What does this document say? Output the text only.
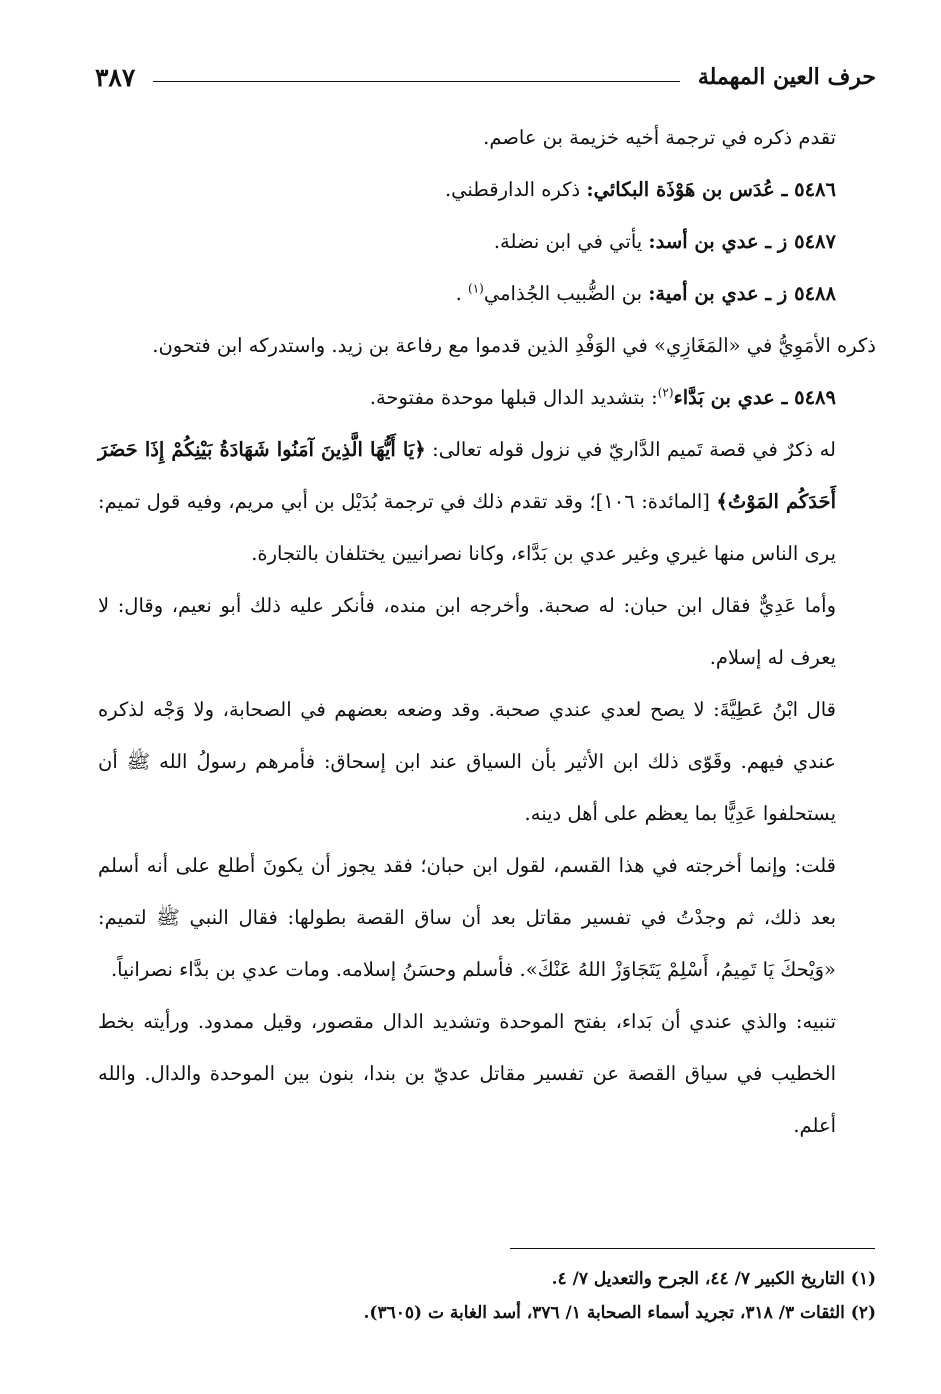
٣٨٧	حرف العين المهملة

تقدم ذكره في ترجمة أخيه خزيمة بن عاصم.

٥٤٨٦ ـ عُدَس بن هَوْذَة البكائي: ذكره الدارقطني.

٥٤٨٧ ز ـ عدي بن أسد: يأتي في ابن نضلة.

٥٤٨٨ ز ـ عدي بن أمية: بن الضُّبيب الجُذامي$^{(١)}$ .

ذكره الأمَوِيُّ في «المَغَازِي» في الوَفْدِ الذين قدموا مع رفاعة بن زيد. واستدركه ابن فتحون.

٥٤٨٩ ـ عدي بن بَدَّاء$^{(٢)}$: بتشديد الدال قبلها موحدة مفتوحة.

له ذكرٌ في قصة تَميم الدَّاريّ في نزول قوله تعالى: ﴿يَا أَيُّهَا الَّذِينَ آمَنُوا شَهَادَةُ بَيْنِكُمْ إِذَا حَضَرَ أَحَدَكُم المَوْتُ﴾ [المائدة: ١٠٦]؛ وقد تقدم ذلك في ترجمة بُدَيْل بن أبي مريم، وفيه قول تميم: يرى الناس منها غيري وغير عدي بن بَدَّاء، وكانا نصرانيين يختلفان بالتجارة.

وأما عَدِيٌّ فقال ابن حبان: له صحبة. وأخرجه ابن منده، فأنكر عليه ذلك أبو نعيم، وقال: لا يعرف له إسلام.

قال ابْنُ عَطِيَّةَ: لا يصح لعدي عندي صحبة. وقد وضعه بعضهم في الصحابة، ولا وَجْه لذكره عندي فيهم. وقَوّى ذلك ابن الأثير بأن السياق عند ابن إسحاق: فأمرهم رسولُ الله ﷺ أن يستحلفوا عَدِيًّا بما يعظم على أهل دينه.

قلت: وإنما أخرجته في هذا القسم، لقول ابن حبان؛ فقد يجوز أن يكونَ أطلع على أنه أسلم بعد ذلك، ثم وجدْتُ في تفسير مقاتل بعد أن ساق القصة بطولها: فقال النبي ﷺ لتميم: «وَيْحكَ يَا تَمِيمُ، أَسْلِمْ يَتَجَاوَزْ اللهُ عَنْكَ». فأسلم وحسَنُ إسلامه. ومات عدي بن بدَّاء نصرانياً.

تنبيه: والذي عندي أن بَداء، بفتح الموحدة وتشديد الدال مقصور، وقيل ممدود. ورأيته بخط الخطيب في سياق القصة عن تفسير مقاتل عديّ بن بندا، بنون بين الموحدة والدال. والله أعلم.

(١) التاريخ الكبير ٧/ ٤٤، الجرح والتعديل ٧/ ٤.

(٢) الثقات ٣/ ٣١٨، تجريد أسماء الصحابة ١/ ٣٧٦، أسد الغابة ت (٣٦٠٥).
